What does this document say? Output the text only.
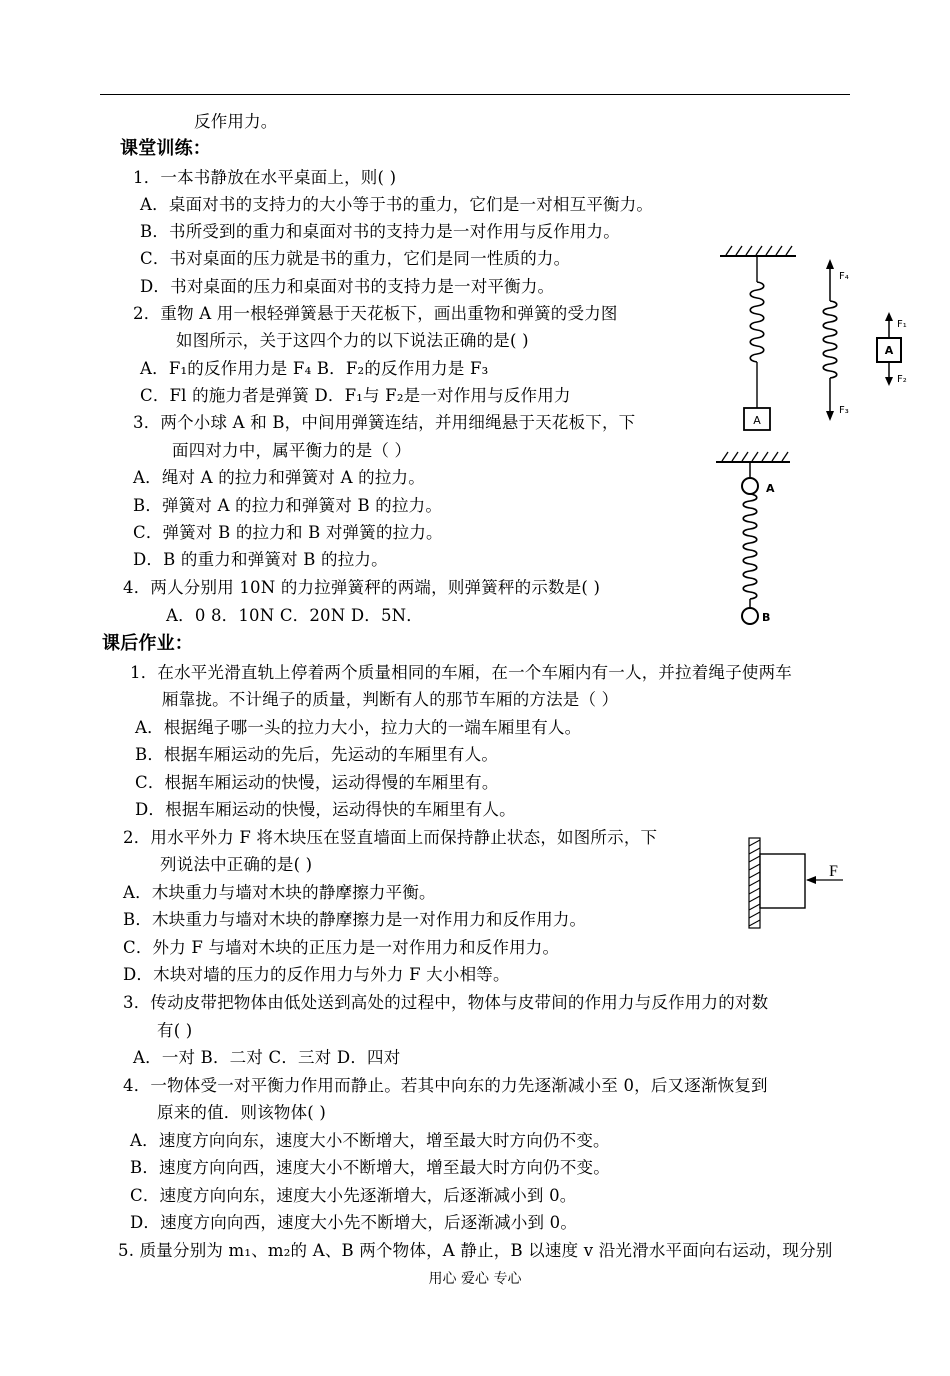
反作用力。
课堂训练：
1．一本书静放在水平桌面上，则( )
A．桌面对书的支持力的大小等于书的重力，它们是一对相互平衡力。
B．书所受到的重力和桌面对书的支持力是一对作用与反作用力。
C．书对桌面的压力就是书的重力，它们是同一性质的力。
D．书对桌面的压力和桌面对书的支持力是一对平衡力。
2．重物 A 用一根轻弹簧悬于天花板下，画出重物和弹簧的受力图
如图所示，关于这四个力的以下说法正确的是( )
A．F₁的反作用力是 F₄ B．F₂的反作用力是 F₃
C．Fl 的施力者是弹簧 D．F₁与 F₂是一对作用与反作用力
3．两个小球 A 和 B，中间用弹簧连结，并用细绳悬于天花板下，下
面四对力中，属平衡力的是（ ）
A．绳对 A 的拉力和弹簧对 A 的拉力。
B．弹簧对 A 的拉力和弹簧对 B 的拉力。
C．弹簧对 B 的拉力和 B 对弹簧的拉力。
D．B 的重力和弹簧对 B 的拉力。
4．两人分别用 10N 的力拉弹簧秤的两端，则弹簧秤的示数是( )
A．0 8．10N C．20N D．5N．
课后作业：
1．在水平光滑直轨上停着两个质量相同的车厢，在一个车厢内有一人，并拉着绳子使两车
厢靠拢。不计绳子的质量，判断有人的那节车厢的方法是（ ）
A．根据绳子哪一头的拉力大小，拉力大的一端车厢里有人。
B．根据车厢运动的先后，先运动的车厢里有人。
C．根据车厢运动的快慢，运动得慢的车厢里有。
D．根据车厢运动的快慢，运动得快的车厢里有人。
2．用水平外力 F 将木块压在竖直墙面上而保持静止状态，如图所示，下
列说法中正确的是( )
A．木块重力与墙对木块的静摩擦力平衡。
B．木块重力与墙对木块的静摩擦力是一对作用力和反作用力。
C．外力 F 与墙对木块的正压力是一对作用力和反作用力。
D．木块对墙的压力的反作用力与外力 F 大小相等。
3．传动皮带把物体由低处送到高处的过程中，物体与皮带间的作用力与反作用力的对数
有( )
A．一对 B．二对 C．三对 D．四对
4．一物体受一对平衡力作用而静止。若其中向东的力先逐渐减小至 0，后又逐渐恢复到
原来的值．则该物体( )
A．速度方向向东，速度大小不断增大，增至最大时方向仍不变。
B．速度方向向西，速度大小不断增大，增至最大时方向仍不变。
C．速度方向向东，速度大小先逐渐增大，后逐渐减小到 0。
D．速度方向向西，速度大小先不断增大，后逐渐减小到 0。
5. 质量分别为 m₁、m₂的 A、B 两个物体，A 静止，B 以速度 v 沿光滑水平面向右运动，现分别
A
F₄
F₃
F₁
A
F₂
A
B
F
用心 爱心 专心
